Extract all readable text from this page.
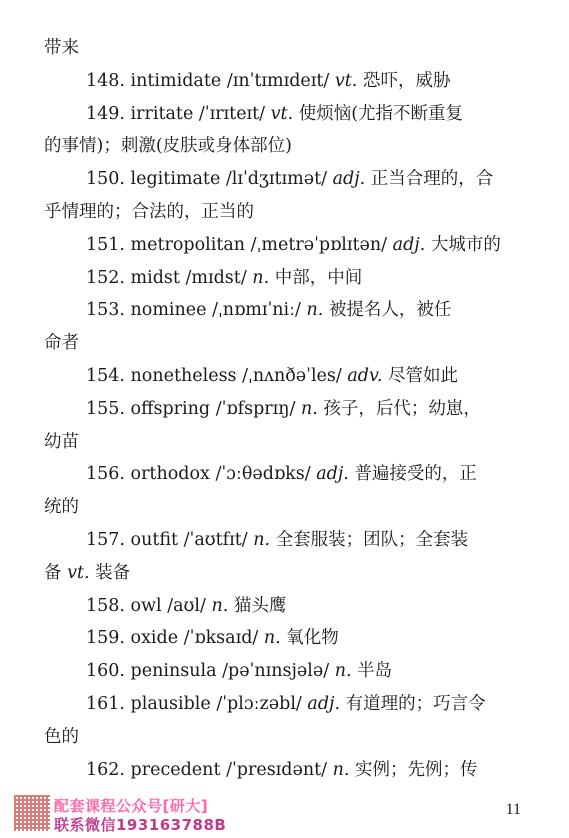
带来
148. intimidate /ɪnˈtɪmɪdeɪt/ vt. 恐吓，威胁
149. irritate /ˈɪrɪteɪt/ vt. 使烦恼(尤指不断重复
的事情)；刺激(皮肤或身体部位)
150. legitimate /lɪˈdʒɪtɪmət/ adj. 正当合理的，合
乎情理的；合法的，正当的
151. metropolitan /ˌmetrəˈpɒlɪtən/ adj. 大城市的
152. midst /mɪdst/ n. 中部，中间
153. nominee /ˌnɒmɪˈniː/ n. 被提名人，被任
命者
154. nonetheless /ˌnʌnðəˈles/ adv. 尽管如此
155. offspring /ˈɒfsprɪŋ/ n. 孩子，后代；幼崽，
幼苗
156. orthodox /ˈɔːθədɒks/ adj. 普遍接受的，正
统的
157. outfit /ˈaʊtfɪt/ n. 全套服装；团队；全套装
备 vt. 装备
158. owl /aʊl/ n. 猫头鹰
159. oxide /ˈɒksaɪd/ n. 氧化物
160. peninsula /pəˈnɪnsjələ/ n. 半岛
161. plausible /ˈplɔːzəbl/ adj. 有道理的；巧言令
色的
162. precedent /ˈpresɪdənt/ n. 实例；先例；传
11
配套课程公众号[研大]
联系微信193163788B
